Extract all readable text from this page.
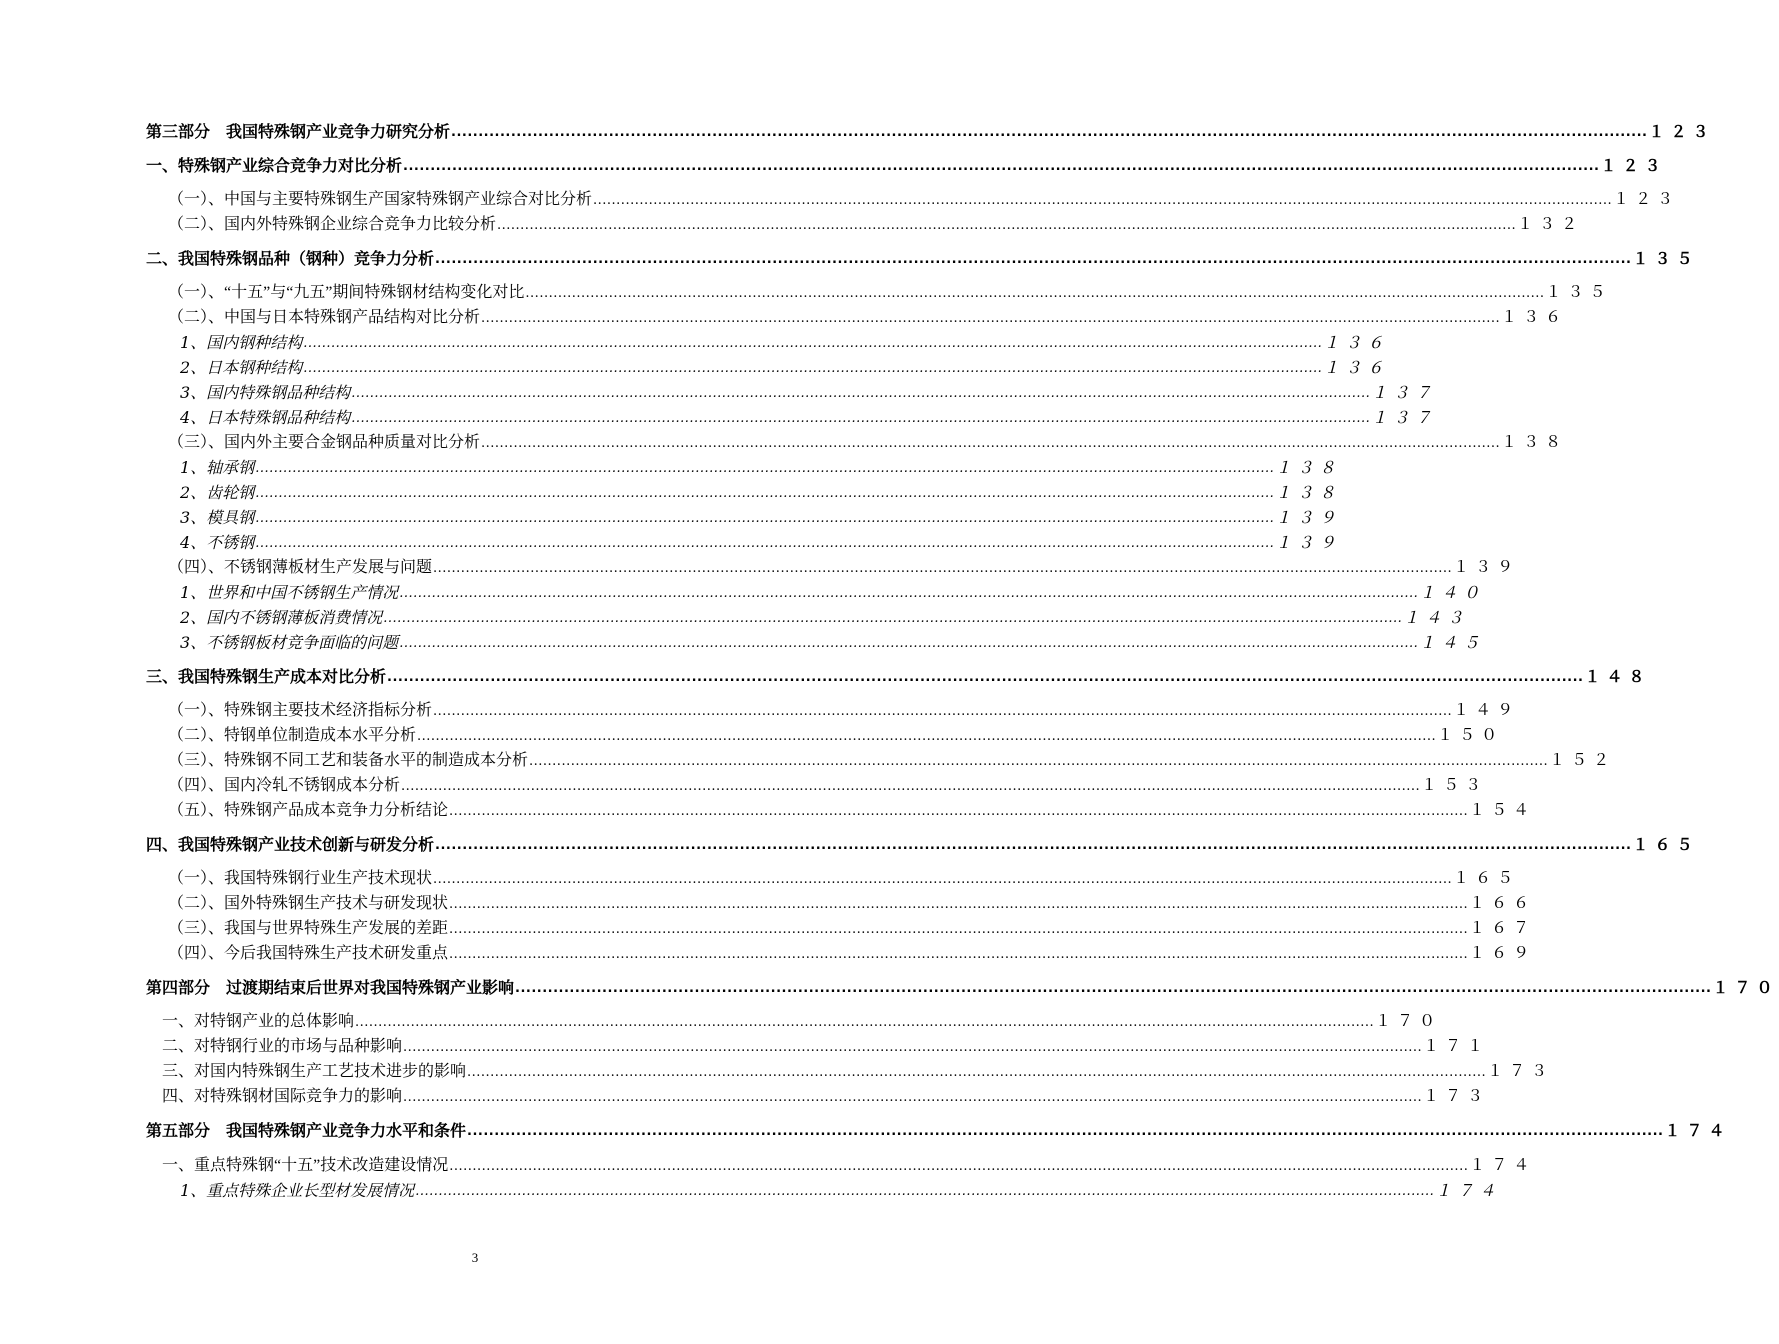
第三部分　我国特殊钢产业竞争力研究分析 ............................................................................................................................................................................................................................ １２３
一、特殊钢产业综合竞争力对比分析 ............................................................................................................................................................................................................................ １２３
（一）、中国与主要特殊钢生产国家特殊钢产业综合对比分析 ............................................................................................................................................................................................................................ １２３
（二）、国内外特殊钢企业综合竞争力比较分析 ............................................................................................................................................................................................................................ １３２
二、我国特殊钢品种（钢种）竞争力分析 ............................................................................................................................................................................................................................ １３５
（一）、“十五”与“九五”期间特殊钢材结构变化对比 ............................................................................................................................................................................................................................ １３５
（二）、中国与日本特殊钢产品结构对比分析 ............................................................................................................................................................................................................................ １３６
1、国内钢种结构 ............................................................................................................................................................................................................................ １３６
2、日本钢种结构 ............................................................................................................................................................................................................................ １３６
3、国内特殊钢品种结构 ............................................................................................................................................................................................................................ １３７
4、日本特殊钢品种结构 ............................................................................................................................................................................................................................ １３７
（三）、国内外主要合金钢品种质量对比分析 ............................................................................................................................................................................................................................ １３８
1、轴承钢 ............................................................................................................................................................................................................................ １３８
2、齿轮钢 ............................................................................................................................................................................................................................ １３８
3、模具钢 ............................................................................................................................................................................................................................ １３９
4、不锈钢 ............................................................................................................................................................................................................................ １３９
（四）、不锈钢薄板材生产发展与问题 ............................................................................................................................................................................................................................ １３９
1、世界和中国不锈钢生产情况 ............................................................................................................................................................................................................................ １４０
2、国内不锈钢薄板消费情况 ............................................................................................................................................................................................................................ １４３
3、不锈钢板材竞争面临的问题 ............................................................................................................................................................................................................................ １４５
三、我国特殊钢生产成本对比分析 ............................................................................................................................................................................................................................ １４８
（一）、特殊钢主要技术经济指标分析 ............................................................................................................................................................................................................................ １４９
（二）、特钢单位制造成本水平分析 ............................................................................................................................................................................................................................ １５０
（三）、特殊钢不同工艺和装备水平的制造成本分析 ............................................................................................................................................................................................................................ １５２
（四）、国内冷轧不锈钢成本分析 ............................................................................................................................................................................................................................ １５３
（五）、特殊钢产品成本竞争力分析结论 ............................................................................................................................................................................................................................ １５４
四、我国特殊钢产业技术创新与研发分析 ............................................................................................................................................................................................................................ １６５
（一）、我国特殊钢行业生产技术现状 ............................................................................................................................................................................................................................ １６５
（二）、国外特殊钢生产技术与研发现状 ............................................................................................................................................................................................................................ １６６
（三）、我国与世界特殊生产发展的差距 ............................................................................................................................................................................................................................ １６７
（四）、今后我国特殊生产技术研发重点 ............................................................................................................................................................................................................................ １６９
第四部分　过渡期结束后世界对我国特殊钢产业影响 ............................................................................................................................................................................................................................ １７０
一、对特钢产业的总体影响 ............................................................................................................................................................................................................................ １７０
二、对特钢行业的市场与品种影响 ............................................................................................................................................................................................................................ １７１
三、对国内特殊钢生产工艺技术进步的影响 ............................................................................................................................................................................................................................ １７３
四、对特殊钢材国际竞争力的影响 ............................................................................................................................................................................................................................ １７３
第五部分　我国特殊钢产业竞争力水平和条件 ............................................................................................................................................................................................................................ １７４
一、重点特殊钢“十五”技术改造建设情况 ............................................................................................................................................................................................................................ １７４
1、重点特殊企业长型材发展情况 ............................................................................................................................................................................................................................ １７４
3
